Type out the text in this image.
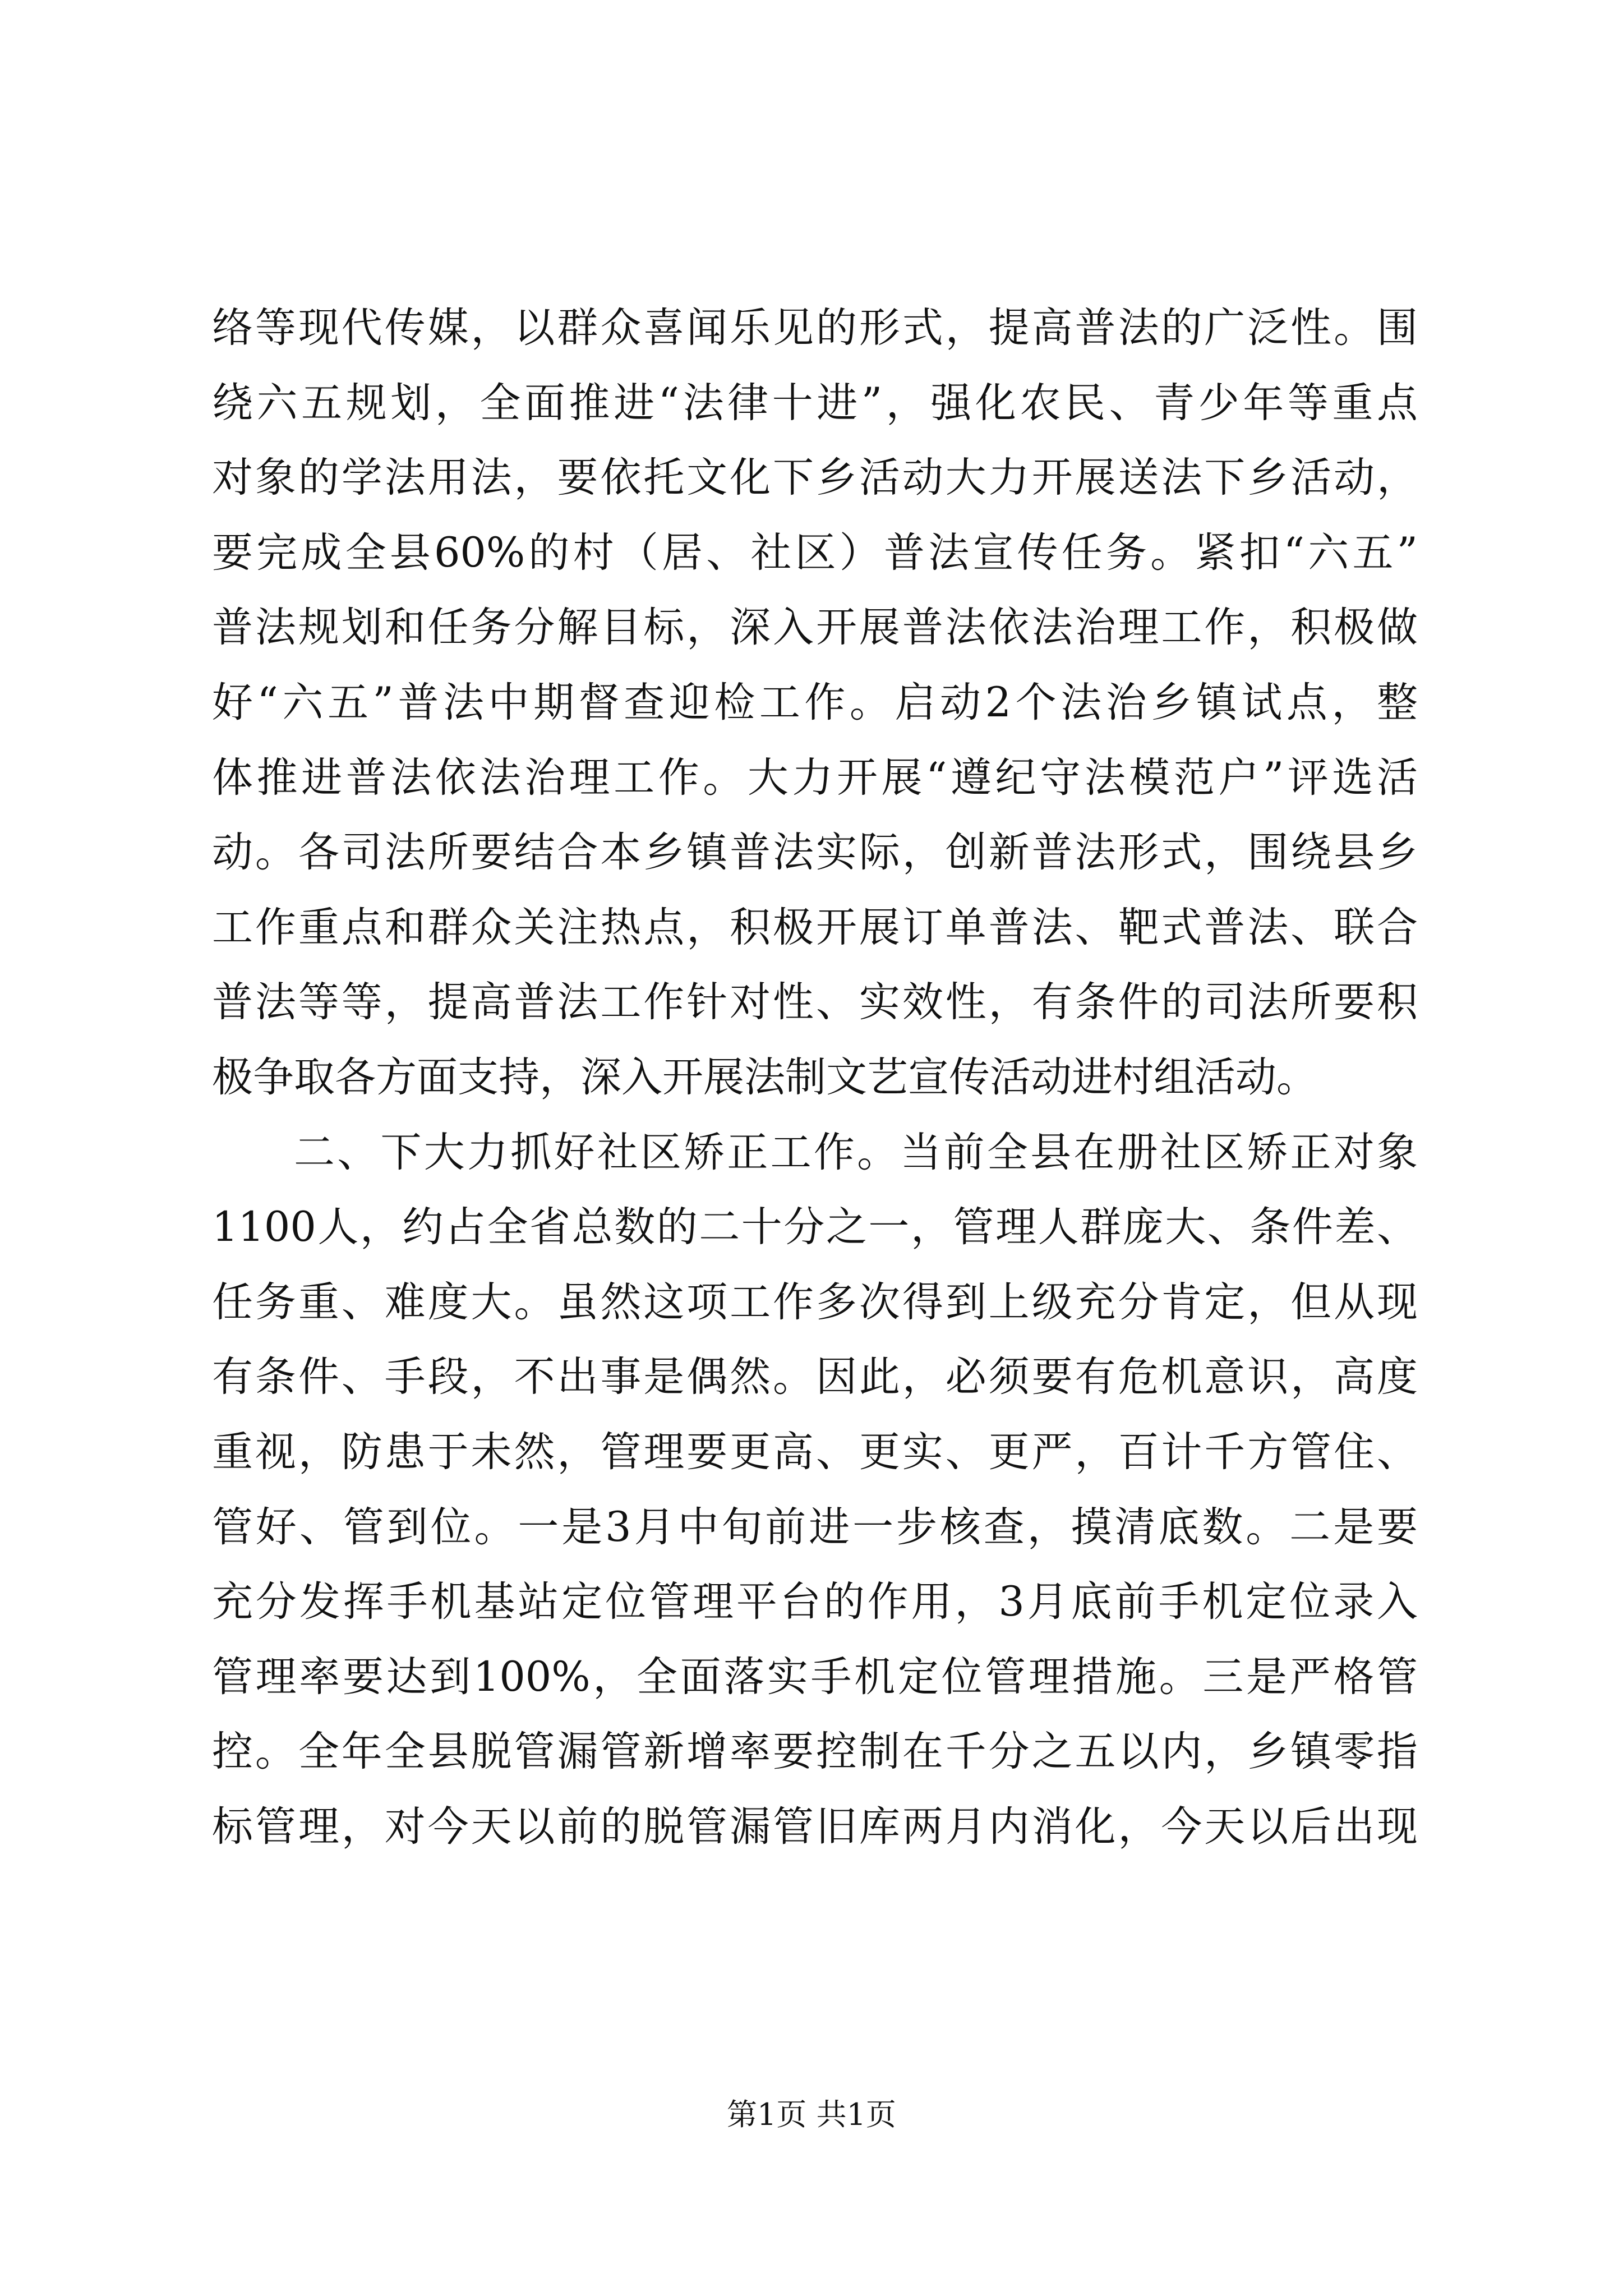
络等现代传媒，以群众喜闻乐见的形式，提高普法的广泛性。围
绕六五规划，全面推进“法律十进”，强化农民、青少年等重点
对象的学法用法，要依托文化下乡活动大力开展送法下乡活动，
要完成全县60%的村（居、社区）普法宣传任务。紧扣“六五”
普法规划和任务分解目标，深入开展普法依法治理工作，积极做
好“六五”普法中期督查迎检工作。启动2个法治乡镇试点，整
体推进普法依法治理工作。大力开展“遵纪守法模范户”评选活
动。各司法所要结合本乡镇普法实际，创新普法形式，围绕县乡
工作重点和群众关注热点，积极开展订单普法、靶式普法、联合
普法等等，提高普法工作针对性、实效性，有条件的司法所要积
极争取各方面支持，深入开展法制文艺宣传活动进村组活动。
二、下大力抓好社区矫正工作。当前全县在册社区矫正对象
1100人，约占全省总数的二十分之一，管理人群庞大、条件差、
任务重、难度大。虽然这项工作多次得到上级充分肯定，但从现
有条件、手段，不出事是偶然。因此，必须要有危机意识，高度
重视，防患于未然，管理要更高、更实、更严，百计千方管住、
管好、管到位。一是3月中旬前进一步核查，摸清底数。二是要
充分发挥手机基站定位管理平台的作用，3月底前手机定位录入
管理率要达到100%，全面落实手机定位管理措施。三是严格管
控。全年全县脱管漏管新增率要控制在千分之五以内，乡镇零指
标管理，对今天以前的脱管漏管旧库两月内消化，今天以后出现
第1页 共1页
